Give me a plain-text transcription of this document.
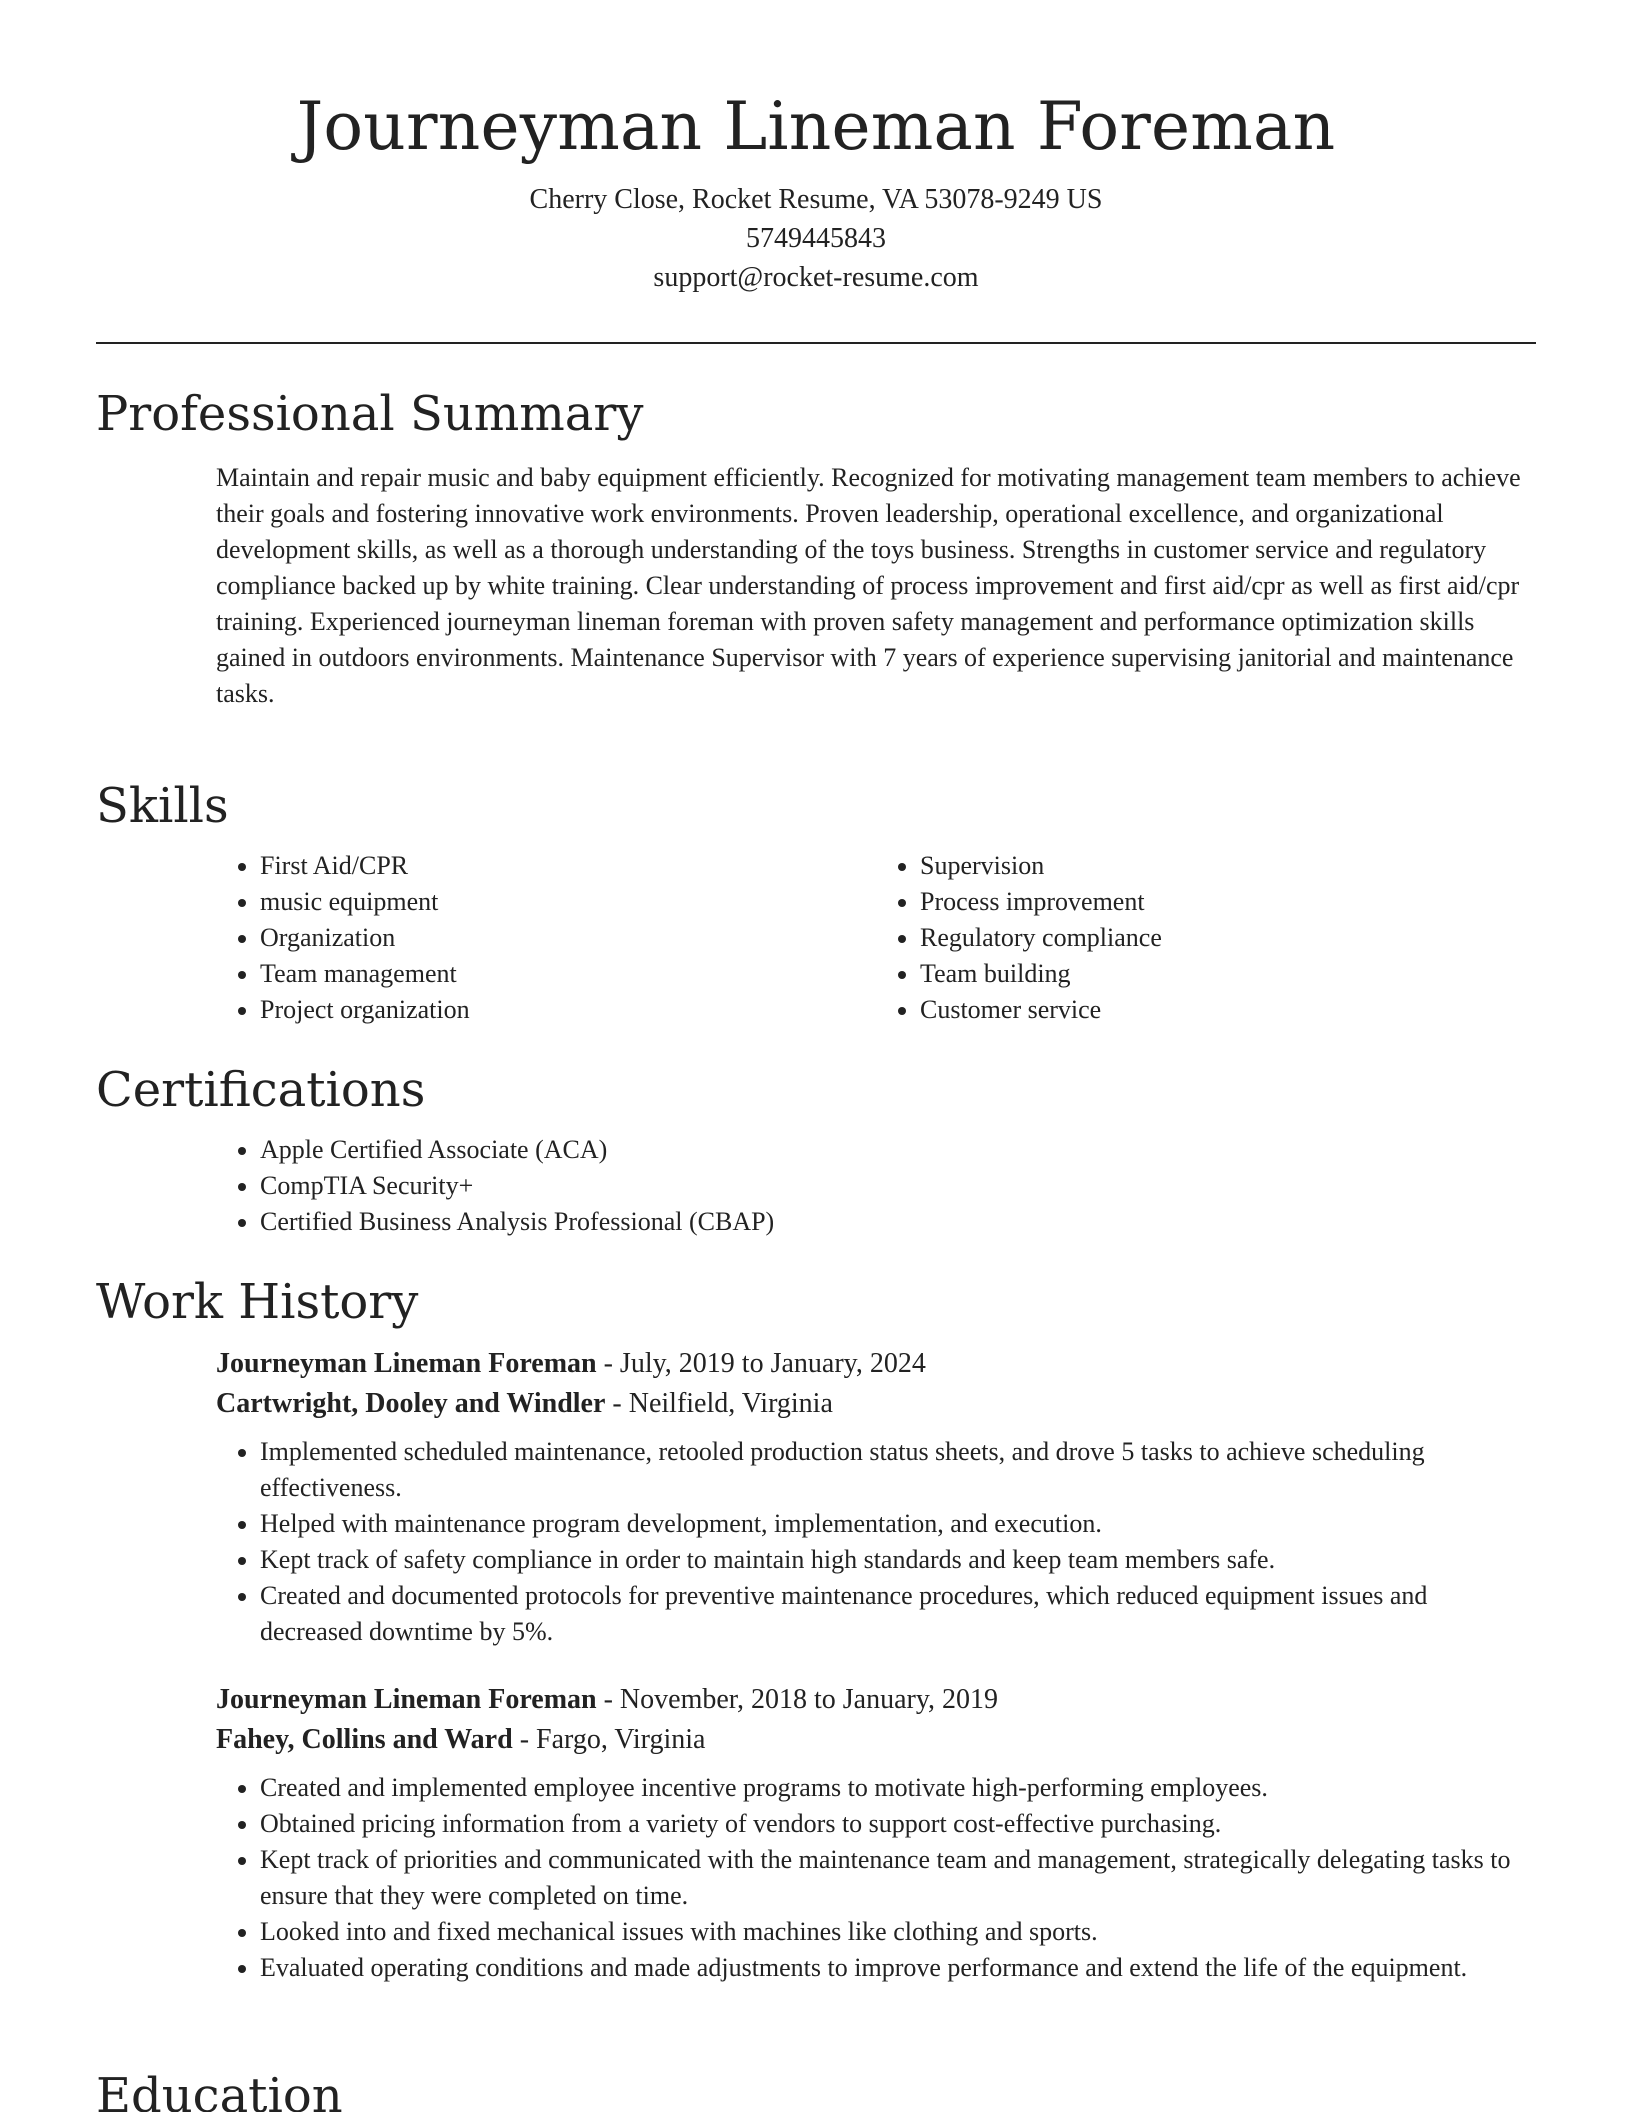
Journeyman Lineman Foreman
Cherry Close, Rocket Resume, VA 53078-9249 US
5749445843
support@rocket-resume.com
Professional Summary

Maintain and repair music and baby equipment efficiently. Recognized for motivating management team members to achieve their goals and fostering innovative work environments. Proven leadership, operational excellence, and organizational development skills, as well as a thorough understanding of the toys business. Strengths in customer service and regulatory compliance backed up by white training. Clear understanding of process improvement and first aid/cpr as well as first aid/cpr training. Experienced journeyman lineman foreman with proven safety management and performance optimization skills gained in outdoors environments. Maintenance Supervisor with 7 years of experience supervising janitorial and maintenance tasks.

Skills
• First Aid/CPR
• music equipment
• Organization
• Team management
• Project organization
• Supervision
• Process improvement
• Regulatory compliance
• Team building
• Customer service
Certifications
• Apple Certified Associate (ACA)
• CompTIA Security+
• Certified Business Analysis Professional (CBAP)
Work History

Journeyman Lineman Foreman - July, 2019 to January, 2024

Cartwright, Dooley and Windler - Neilfield, Virginia

• Implemented scheduled maintenance, retooled production status sheets, and drove 5 tasks to achieve scheduling effectiveness.
• Helped with maintenance program development, implementation, and execution.
• Kept track of safety compliance in order to maintain high standards and keep team members safe.
• Created and documented protocols for preventive maintenance procedures, which reduced equipment issues and decreased downtime by 5%.

Journeyman Lineman Foreman - November, 2018 to January, 2019

Fahey, Collins and Ward - Fargo, Virginia

• Created and implemented employee incentive programs to motivate high-performing employees.
• Obtained pricing information from a variety of vendors to support cost-effective purchasing.
• Kept track of priorities and communicated with the maintenance team and management, strategically delegating tasks to ensure that they were completed on time.
• Looked into and fixed mechanical issues with machines like clothing and sports.
• Evaluated operating conditions and made adjustments to improve performance and extend the life of the equipment.
Education
